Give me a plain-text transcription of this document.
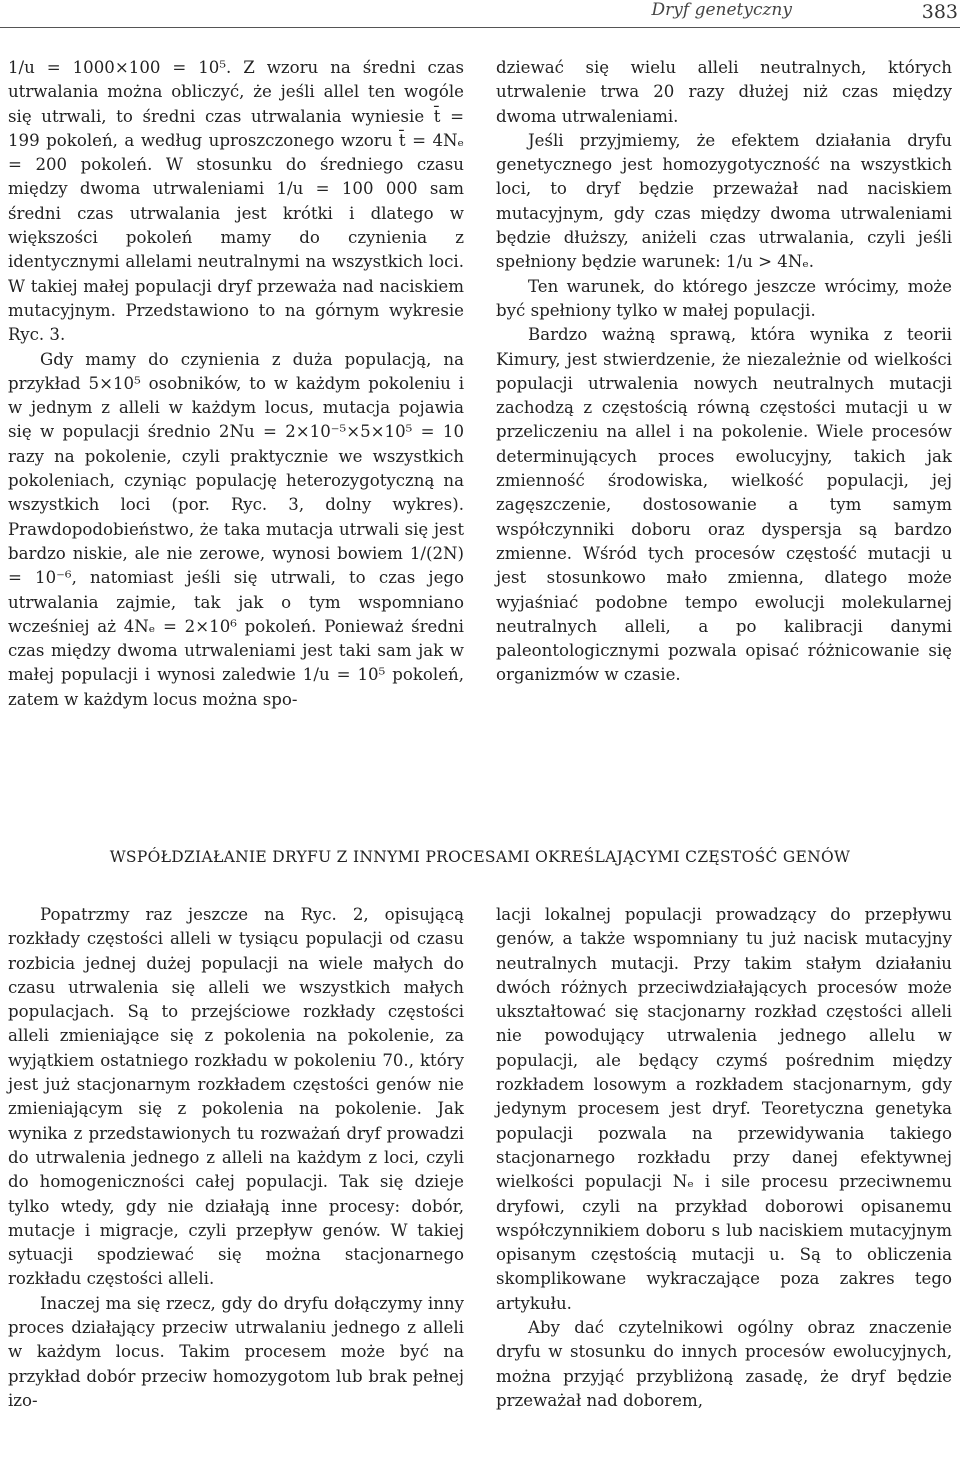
Dryf genetyczny	383

1/u = 1000×100 = 10⁵. Z wzoru na średni czas utrwalania można obliczyć, że jeśli allel ten wogóle się utrwali, to średni czas utrwalania wyniesie t̄ = 199 pokoleń, a według uproszczonego wzoru t̄ = 4Nₑ = 200 pokoleń. W stosunku do średniego czasu między dwoma utrwaleniami 1/u = 100 000 sam średni czas utrwalania jest krótki i dlatego w większości pokoleń mamy do czynienia z identycznymi allelami neutralnymi na wszystkich loci. W takiej małej populacji dryf przeważa nad naciskiem mutacyjnym. Przedstawiono to na górnym wykresie Ryc. 3.

Gdy mamy do czynienia z duża populacją, na przykład 5×10⁵ osobników, to w każdym pokoleniu i w jednym z alleli w każdym locus, mutacja pojawia się w populacji średnio 2Nu = 2×10⁻⁵×5×10⁵ = 10 razy na pokolenie, czyli praktycznie we wszystkich pokoleniach, czyniąc populację heterozygotyczną na wszystkich loci (por. Ryc. 3, dolny wykres). Prawdopodobieństwo, że taka mutacja utrwali się jest bardzo niskie, ale nie zerowe, wynosi bowiem 1/(2N) = 10⁻⁶, natomiast jeśli się utrwali, to czas jego utrwalania zajmie, tak jak o tym wspomniano wcześniej aż 4Nₑ = 2×10⁶ pokoleń. Ponieważ średni czas między dwoma utrwaleniami jest taki sam jak w małej populacji i wynosi zaledwie 1/u = 10⁵ pokoleń, zatem w każdym locus można spo-

dziewać się wielu alleli neutralnych, których utrwalenie trwa 20 razy dłużej niż czas między dwoma utrwaleniami.

Jeśli przyjmiemy, że efektem działania dryfu genetycznego jest homozygotyczność na wszystkich loci, to dryf będzie przeważał nad naciskiem mutacyjnym, gdy czas między dwoma utrwaleniami będzie dłuższy, aniżeli czas utrwalania, czyli jeśli spełniony będzie warunek: 1/u > 4Nₑ.

Ten warunek, do którego jeszcze wrócimy, może być spełniony tylko w małej populacji.

Bardzo ważną sprawą, która wynika z teorii Kimury, jest stwierdzenie, że niezależnie od wielkości populacji utrwalenia nowych neutralnych mutacji zachodzą z częstością równą częstości mutacji u w przeliczeniu na allel i na pokolenie. Wiele procesów determinujących proces ewolucyjny, takich jak zmienność środowiska, wielkość populacji, jej zagęszczenie, dostosowanie a tym samym współczynniki doboru oraz dyspersja są bardzo zmienne. Wśród tych procesów częstość mutacji u jest stosunkowo mało zmienna, dlatego może wyjaśniać podobne tempo ewolucji molekularnej neutralnych alleli, a po kalibracji danymi paleontologicznymi pozwala opisać różnicowanie się organizmów w czasie.

WSPÓŁDZIAŁANIE DRYFU Z INNYMI PROCESAMI OKREŚLAJĄCYMI CZĘSTOŚĆ GENÓW

Popatrzmy raz jeszcze na Ryc. 2, opisującą rozkłady częstości alleli w tysiącu populacji od czasu rozbicia jednej dużej populacji na wiele małych do czasu utrwalenia się alleli we wszystkich małych populacjach. Są to przejściowe rozkłady częstości alleli zmieniające się z pokolenia na pokolenie, za wyjątkiem ostatniego rozkładu w pokoleniu 70., który jest już stacjonarnym rozkładem częstości genów nie zmieniającym się z pokolenia na pokolenie. Jak wynika z przedstawionych tu rozważań dryf prowadzi do utrwalenia jednego z alleli na każdym z loci, czyli do homogeniczności całej populacji. Tak się dzieje tylko wtedy, gdy nie działają inne procesy: dobór, mutacje i migracje, czyli przepływ genów. W takiej sytuacji spodziewać się można stacjonarnego rozkładu częstości alleli.

Inaczej ma się rzecz, gdy do dryfu dołączymy inny proces działający przeciw utrwalaniu jednego z alleli w każdym locus. Takim procesem może być na przykład dobór przeciw homozygotom lub brak pełnej izo-

lacji lokalnej populacji prowadzący do przepływu genów, a także wspomniany tu już nacisk mutacyjny neutralnych mutacji. Przy takim stałym działaniu dwóch różnych przeciwdziałających procesów może ukształtować się stacjonarny rozkład częstości alleli nie powodujący utrwalenia jednego allelu w populacji, ale będący czymś pośrednim między rozkładem losowym a rozkładem stacjonarnym, gdy jedynym procesem jest dryf. Teoretyczna genetyka populacji pozwala na przewidywania takiego stacjonarnego rozkładu przy danej efektywnej wielkości populacji Nₑ i sile procesu przeciwnemu dryfowi, czyli na przykład doborowi opisanemu współczynnikiem doboru s lub naciskiem mutacyjnym opisanym częstością mutacji u. Są to obliczenia skomplikowane wykraczające poza zakres tego artykułu.

Aby dać czytelnikowi ogólny obraz znaczenie dryfu w stosunku do innych procesów ewolucyjnych, można przyjąć przybliżoną zasadę, że dryf będzie przeważał nad doborem,
